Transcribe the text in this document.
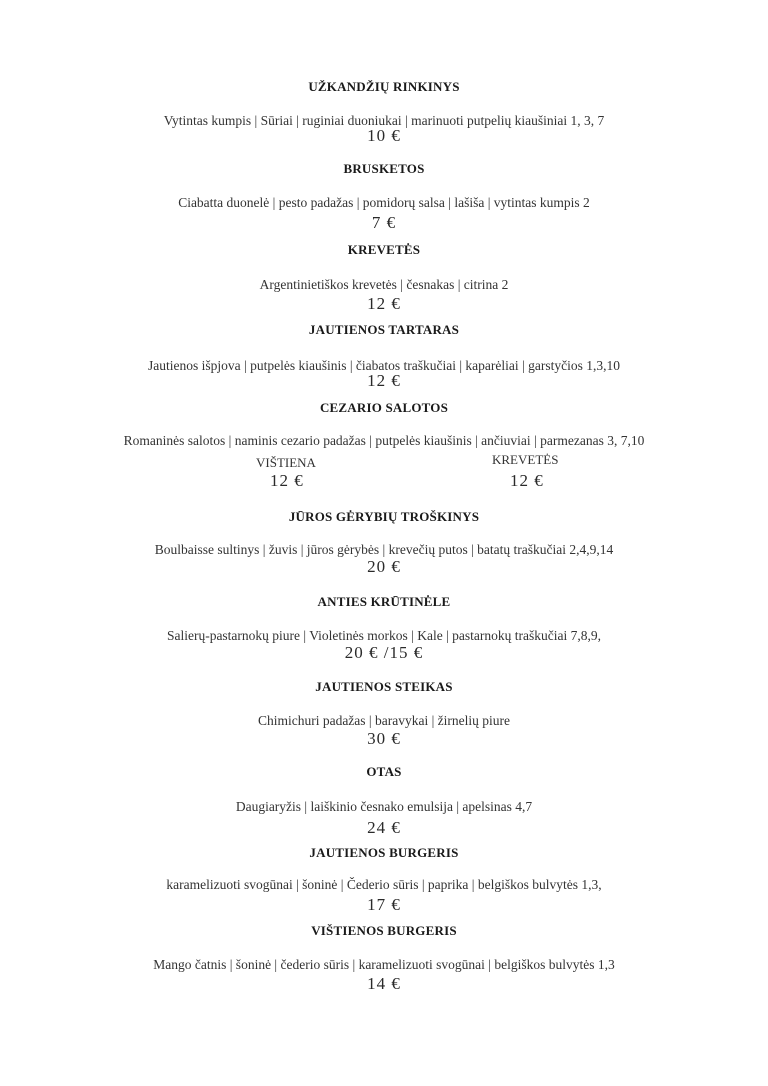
UŽKANDŽIŲ RINKINYS
Vytintas kumpis | Sūriai | ruginiai duoniukai | marinuoti putpelių kiaušiniai 1, 3, 7
10 €
BRUSKETOS
Ciabatta duonelė | pesto padažas | pomidorų salsa | lašiša | vytintas kumpis 2
7 €
KREVETĖS
Argentinietiškos krevetės | česnakas | citrina 2
12 €
JAUTIENOS TARTARAS
Jautienos išpjova | putpelės kiaušinis | čiabatos traškučiai | kaparėliai | garstyčios 1,3,10
12 €
CEZARIO SALOTOS
Romaninės salotos | naminis cezario padažas | putpelės kiaušinis | ančiuviai | parmezanas 3, 7,10
VIŠTIENA	KREVETĖS
12 €	12 €
JŪROS GĖRYBIŲ TROŠKINYS
Boulbaisse sultinys | žuvis | jūros gėrybės | krevečių putos | batatų traškučiai 2,4,9,14
20 €
ANTIES KRŪTINĖLE
Salierų-pastarnokų piure | Violetinės morkos | Kale | pastarnokų traškučiai 7,8,9,
20 € /15 €
JAUTIENOS STEIKAS
Chimichuri padažas | baravykai | žirnelių piure
30 €
OTAS
Daugiaryžis | laiškinio česnako emulsija | apelsinas 4,7
24 €
JAUTIENOS BURGERIS
karamelizuoti svogūnai | šoninė | Čederio sūris | paprika | belgiškos bulvytės 1,3,
17 €
VIŠTIENOS BURGERIS
Mango čatnis | šoninė | čederio sūris | karamelizuoti svogūnai | belgiškos bulvytės 1,3
14 €
